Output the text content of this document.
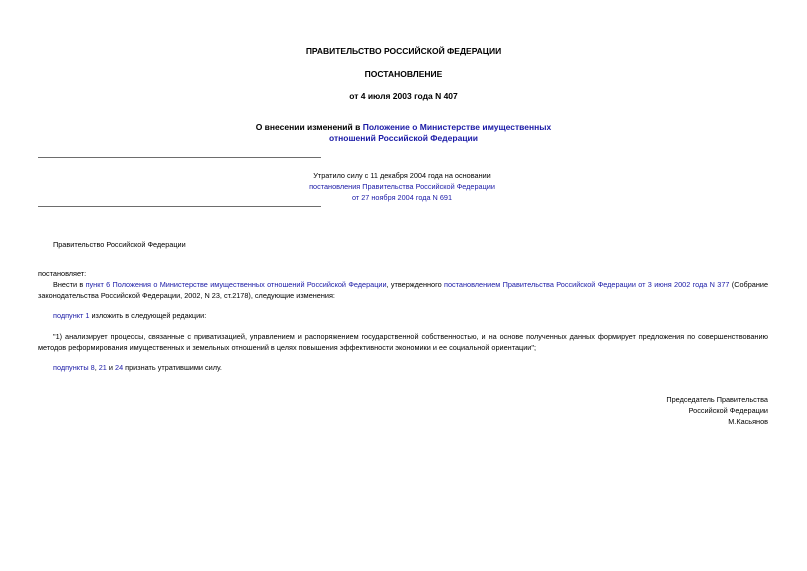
ПРАВИТЕЛЬСТВО РОССИЙСКОЙ ФЕДЕРАЦИИ
ПОСТАНОВЛЕНИЕ
от 4 июля 2003 года N 407
О внесении изменений в Положение о Министерстве имущественных
отношений Российской Федерации
Утратило силу с 11 декабря 2004 года на основании
постановления Правительства Российской Федерации
от 27 ноября 2004 года N 691
Правительство Российской Федерации
постановляет:
Внести в пункт 6 Положения о Министерстве имущественных отношений Российской Федерации, утвержденного постановлением Правительства Российской Федерации от 3 июня 2002 года N 377 (Собрание законодательства Российской Федерации, 2002, N 23, ст.2178), следующие изменения:
подпункт 1 изложить в следующей редакции:
"1) анализирует процессы, связанные с приватизацией, управлением и распоряжением государственной собственностью, и на основе полученных данных формирует предложения по совершенствованию методов реформирования имущественных и земельных отношений в целях повышения эффективности экономики и ее социальной ориентации";
подпункты 8, 21 и 24 признать утратившими силу.
Председатель Правительства
Российской Федерации
М.Касьянов
